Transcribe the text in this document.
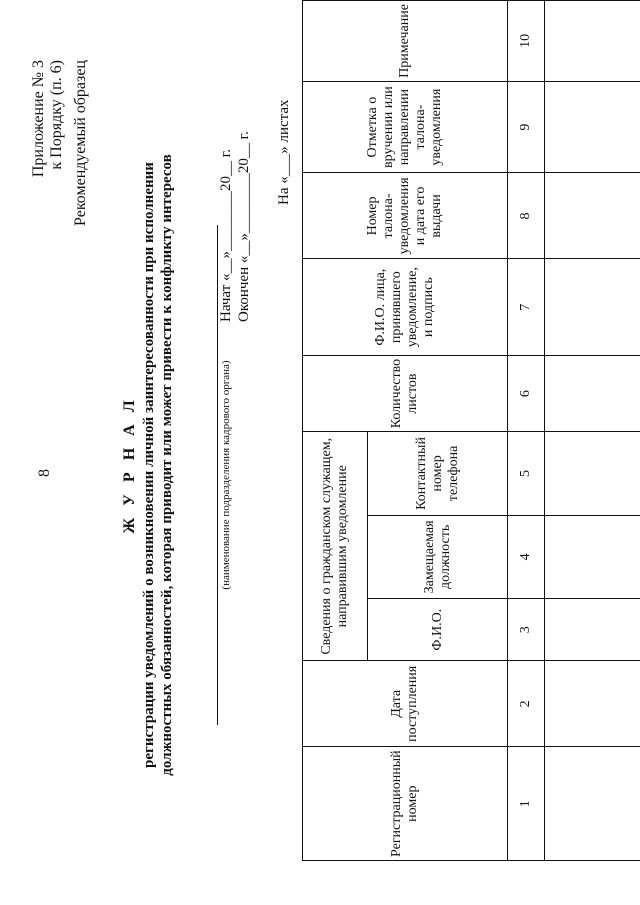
8
Приложение № 3 к Порядку (п. 6) Рекомендуемый образец
Ж У Р Н А Л регистрации уведомлений о возникновении личной заинтересованности при исполнении должностных обязанностей, которая приводит или может привести к конфликту интересов	(наименование подразделения кадрового органа)
Начат «__»________20__ г. Окончен «__»________20__ г. На «___» листах
Регистрационный номер	Дата поступления	Сведения о гражданском служащем, направившим уведомление			Количество листов	Ф.И.О. лица, принявшего уведомление, и подпись	Номер талона-уведомления и дата его выдачи	Отметка о вручении или направлении талона-уведомления	Примечание
		Ф.И.О.	Замещаемая должность	Контактный номер телефона					
1	2	3	4	5	6	7	8	9	10
